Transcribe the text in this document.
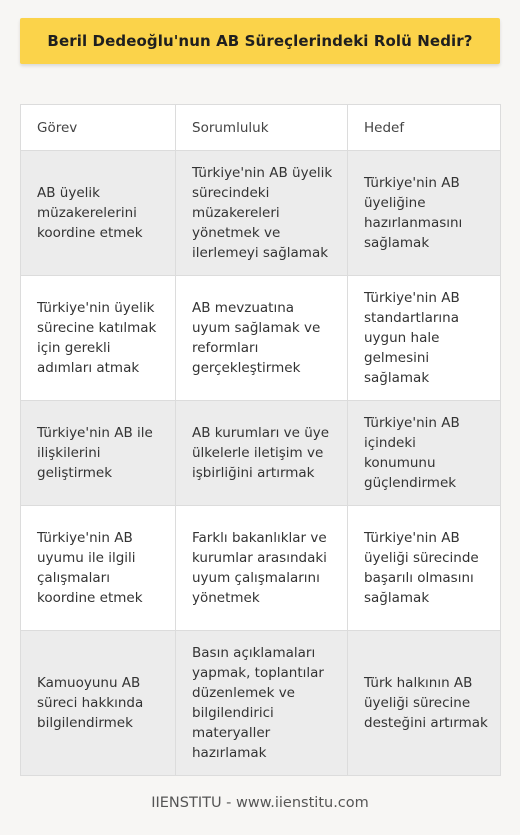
Beril Dedeoğlu'nun AB Süreçlerindeki Rolü Nedir?
Görev	Sorumluluk	Hedef
AB üyelik müzakerelerini koordine etmek	Türkiye'nin AB üyelik sürecindeki müzakereleri yönetmek ve ilerlemeyi sağlamak	Türkiye'nin AB üyeliğine hazırlanmasını sağlamak
Türkiye'nin üyelik sürecine katılmak için gerekli adımları atmak	AB mevzuatına uyum sağlamak ve reformları gerçekleştirmek	Türkiye'nin AB standartlarına uygun hale gelmesini sağlamak
Türkiye'nin AB ile ilişkilerini geliştirmek	AB kurumları ve üye ülkelerle iletişim ve işbirliğini artırmak	Türkiye'nin AB içindeki konumunu güçlendirmek
Türkiye'nin AB uyumu ile ilgili çalışmaları koordine etmek	Farklı bakanlıklar ve kurumlar arasındaki uyum çalışmalarını yönetmek	Türkiye'nin AB üyeliği sürecinde başarılı olmasını sağlamak
Kamuoyunu AB süreci hakkında bilgilendirmek	Basın açıklamaları yapmak, toplantılar düzenlemek ve bilgilendirici materyaller hazırlamak	Türk halkının AB üyeliği sürecine desteğini artırmak
IIENSTITU - www.iienstitu.com
